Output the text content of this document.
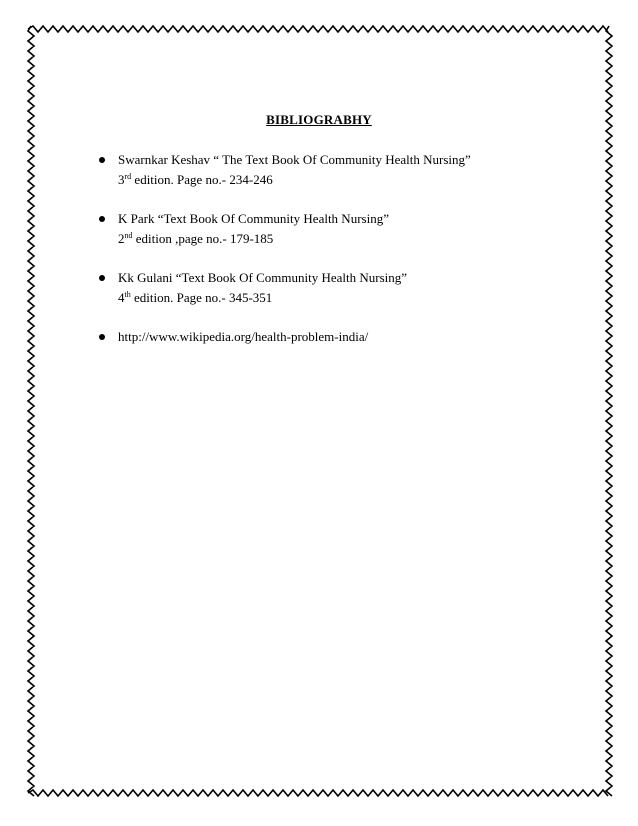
BIBLIOGRABHY
Swarnkar Keshav “ The Text Book Of Community Health Nursing”
3rd edition. Page no.- 234-246
K Park “Text Book Of Community Health Nursing”
2nd edition ,page no.- 179-185
Kk Gulani “Text Book Of Community Health Nursing”
4th edition. Page no.- 345-351
http://www.wikipedia.org/health-problem-india/
